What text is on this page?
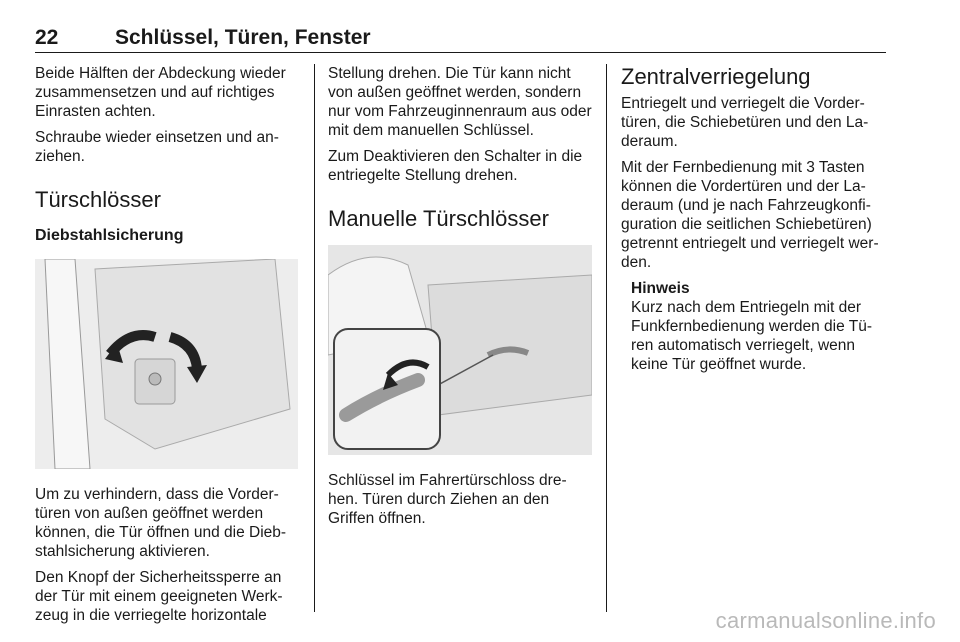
22	Schlüssel, Türen, Fenster

Beide Hälften der Abdeckung wieder zusammensetzen und auf richtiges Einrasten achten.

Schraube wieder einsetzen und an-ziehen.

Türschlösser
Diebstahlsicherung

Um zu verhindern, dass die Vorder-türen von außen geöffnet werden können, die Tür öffnen und die Dieb-stahlsicherung aktivieren.

Den Knopf der Sicherheitssperre an der Tür mit einem geeigneten Werk-zeug in die verriegelte horizontale

Stellung drehen. Die Tür kann nicht von außen geöffnet werden, sondern nur vom Fahrzeuginnenraum aus oder mit dem manuellen Schlüssel.

Zum Deaktivieren den Schalter in die entriegelte Stellung drehen.

Manuelle Türschlösser

Schlüssel im Fahrertürschloss dre-hen. Türen durch Ziehen an den Griffen öffnen.

Zentralverriegelung

Entriegelt und verriegelt die Vorder-türen, die Schiebetüren und den La-deraum.

Mit der Fernbedienung mit 3 Tasten können die Vordertüren und der La-deraum (und je nach Fahrzeugkonfi-guration die seitlichen Schiebetüren) getrennt entriegelt und verriegelt wer-den.

Hinweis

Kurz nach dem Entriegeln mit der Funkfernbedienung werden die Tü-ren automatisch verriegelt, wenn keine Tür geöffnet wurde.

carmanualsonline.info
